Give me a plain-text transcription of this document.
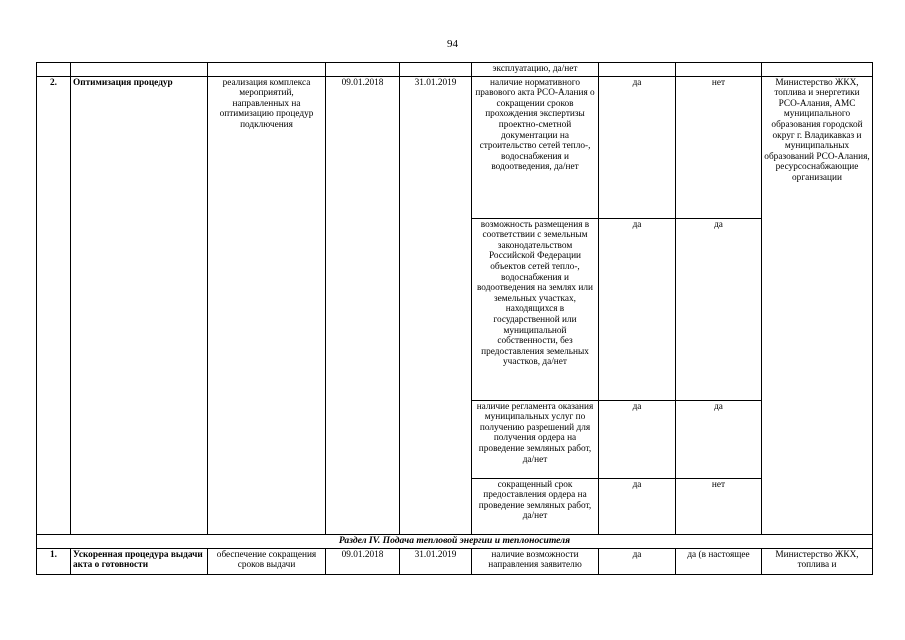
94
					эксплуатацию, да/нет			
2.	Оптимизация процедур	реализация комплекса мероприятий, направленных на оптимизацию процедур подключения	09.01.2018	31.01.2019	наличие нормативного правового акта РСО-Алания о сокращении сроков прохождения экспертизы проектно-сметной документации на строительство сетей тепло-, водоснабжения и водоотведения, да/нет	да	нет	Министерство ЖКХ, топлива и энергетики РСО-Алания, АМС муниципального образования городской округ г. Владикавказ и муниципальных образований РСО-Алания, ресурсоснабжающие организации
					возможность размещения в соответствии с земельным законодательством Российской Федерации объектов сетей тепло-, водоснабжения и водоотведения на землях или земельных участках, находящихся в государственной или муниципальной собственности, без предоставления земельных участков, да/нет	да	да	
					наличие регламента оказания муниципальных услуг по получению разрешений для получения ордера на проведение земляных работ, да/нет	да	да	
					сокращенный срок предоставления ордера на проведение земляных работ, да/нет	да	нет	
Раздел IV. Подача тепловой энергии и теплоносителя								
1.	Ускоренная процедура выдачи акта о готовности	обеспечение сокращения сроков выдачи	09.01.2018	31.01.2019	наличие возможности направления заявителю	да	да (в настоящее	Министерство ЖКХ, топлива и
